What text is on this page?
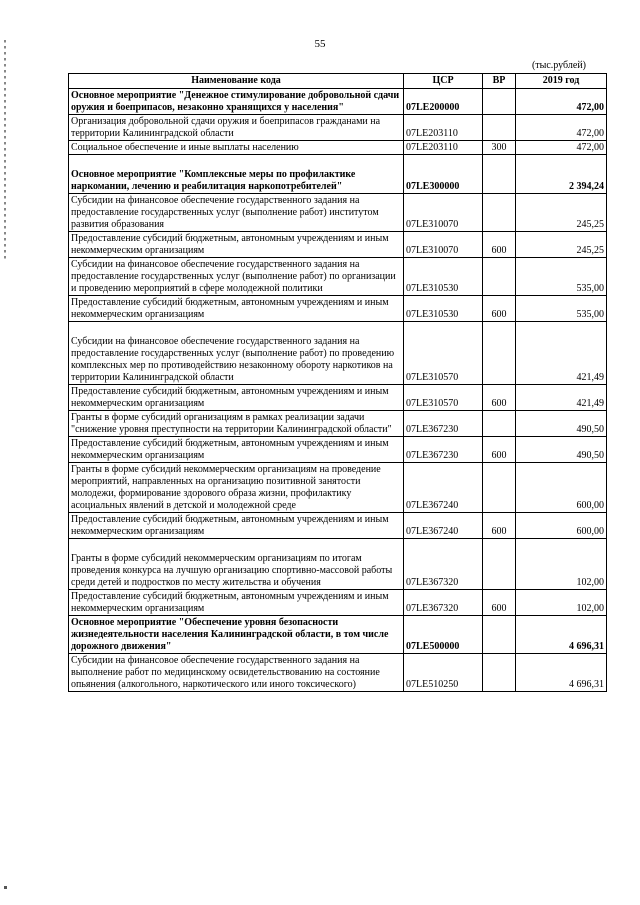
55
(тыс.рублей)
Наименование кода	ЦСР	ВР	2019 год
Основное мероприятие "Денежное стимулирование добровольной сдачи оружия и боеприпасов, незаконно хранящихся у населения"	07LE200000		472,00
Организация добровольной сдачи оружия и боеприпасов гражданами на территории Калининградской области	07LE203110		472,00
Социальное обеспечение и иные выплаты населению	07LE203110	300	472,00
Основное мероприятие "Комплексные меры по профилактике наркомании, лечению и реабилитация наркопотребителей"	07LE300000		2 394,24
Субсидии на финансовое обеспечение государственного задания на предоставление государственных услуг (выполнение работ) институтом развития образования	07LE310070		245,25
Предоставление субсидий бюджетным, автономным учреждениям и иным некоммерческим организациям	07LE310070	600	245,25
Субсидии на финансовое обеспечение государственного задания на предоставление государственных услуг (выполнение работ) по организации и проведению мероприятий в сфере молодежной политики	07LE310530		535,00
Предоставление субсидий бюджетным, автономным учреждениям и иным некоммерческим организациям	07LE310530	600	535,00
Субсидии на финансовое обеспечение государственного задания на предоставление государственных услуг (выполнение работ) по проведению комплексных мер по противодействию незаконному обороту наркотиков на территории Калининградской области	07LE310570		421,49
Предоставление субсидий бюджетным, автономным учреждениям и иным некоммерческим организациям	07LE310570	600	421,49
Гранты в форме субсидий организациям в рамках реализации задачи "снижение уровня преступности на территории Калининградской области"	07LE367230		490,50
Предоставление субсидий бюджетным, автономным учреждениям и иным некоммерческим организациям	07LE367230	600	490,50
Гранты в форме субсидий некоммерческим организациям на проведение мероприятий, направленных на организацию позитивной занятости молодежи, формирование здорового образа жизни, профилактику асоциальных явлений в детской и молодежной среде	07LE367240		600,00
Предоставление субсидий бюджетным, автономным учреждениям и иным некоммерческим организациям	07LE367240	600	600,00
Гранты в форме субсидий некоммерческим организациям по итогам проведения конкурса на лучшую организацию спортивно-массовой работы среди детей и подростков по месту жительства и обучения	07LE367320		102,00
Предоставление субсидий бюджетным, автономным учреждениям и иным некоммерческим организациям	07LE367320	600	102,00
Основное мероприятие "Обеспечение уровня безопасности жизнедеятельности населения Калининградской области, в том числе дорожного движения"	07LE500000		4 696,31
Субсидии на финансовое обеспечение государственного задания на выполнение работ по медицинскому освидетельствованию на состояние опьянения (алкогольного, наркотического или иного токсического)	07LE510250		4 696,31
